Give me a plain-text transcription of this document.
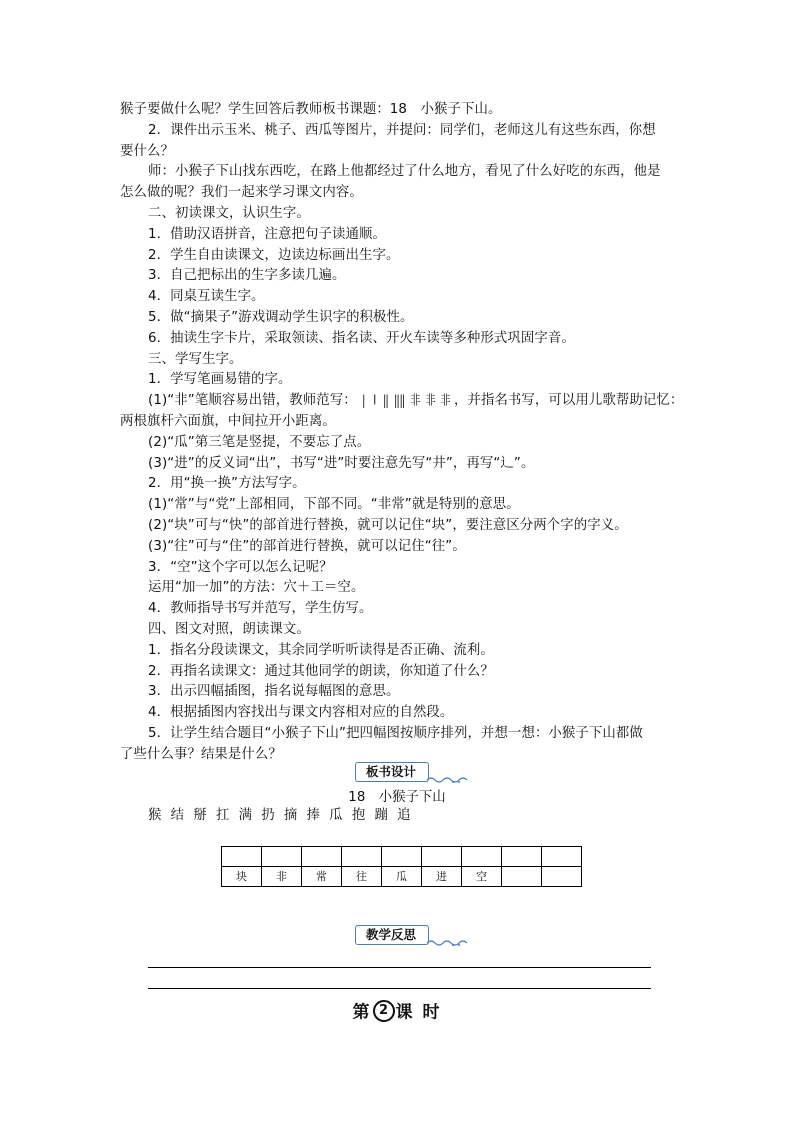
猴子要做什么呢？学生回答后教师板书课题：18　小猴子下山。
2．课件出示玉米、桃子、西瓜等图片，并提问：同学们，老师这儿有这些东西，你想
要什么？
师：小猴子下山找东西吃，在路上他都经过了什么地方，看见了什么好吃的东西，他是
怎么做的呢？我们一起来学习课文内容。
二、初读课文，认识生字。
1．借助汉语拼音，注意把句子读通顺。
2．学生自由读课文，边读边标画出生字。
3．自己把标出的生字多读几遍。
4．同桌互读生字。
5．做“摘果子”游戏调动学生识字的积极性。
6．抽读生字卡片，采取领读、指名读、开火车读等多种形式巩固字音。
三、学写生字。
1．学写笔画易错的字。
(1)“非”笔顺容易出错，教师范写： | ǀ ‖ ‖‖ 非 非 非 ，并指名书写，可以用儿歌帮助记忆：
两根旗杆六面旗，中间拉开小距离。
(2)“瓜”第三笔是竖提，不要忘了点。
(3)“进”的反义词“出”，书写“进”时要注意先写“井”，再写“辶”。
2．用“换一换”方法写字。
(1)“常”与“党”上部相同，下部不同。“非常”就是特别的意思。
(2)“块”可与“快”的部首进行替换，就可以记住“块”，要注意区分两个字的字义。
(3)“往”可与“住”的部首进行替换，就可以记住“往”。
3．“空”这个字可以怎么记呢？
运用“加一加”的方法：穴＋工＝空。
4．教师指导书写并范写，学生仿写。
四、图文对照，朗读课文。
1．指名分段读课文，其余同学听听读得是否正确、流利。
2．再指名读课文：通过其他同学的朗读，你知道了什么？
3．出示四幅插图，指名说每幅图的意思。
4．根据插图内容找出与课文内容相对应的自然段。
5．让学生结合题目“小猴子下山”把四幅图按顺序排列，并想一想：小猴子下山都做
了些什么事？结果是什么？
板书设计
18　小猴子下山
猴 结 掰 扛 满 扔 摘 捧 瓜 抱 蹦 追

块	非	常	往	瓜	进	空		
教学反思
第 2 课 时
